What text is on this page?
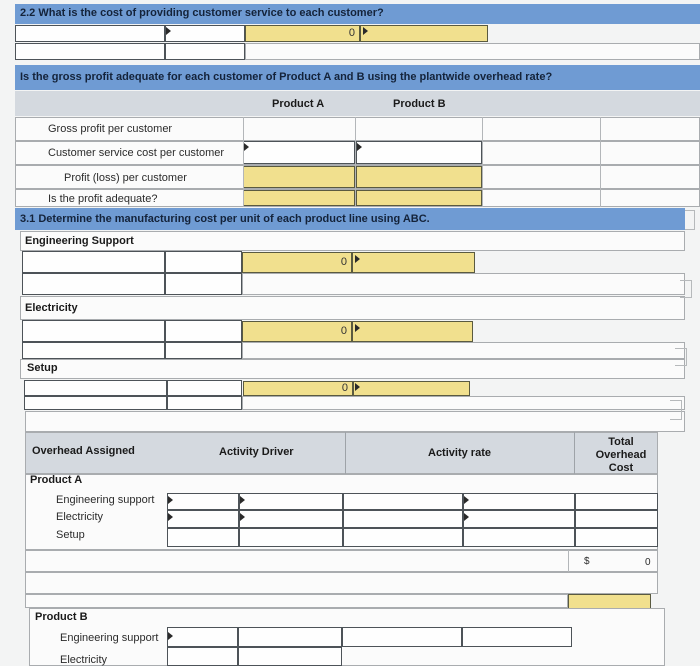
2.2 What is the cost of providing customer service to each customer?
0
Is the gross profit adequate for each customer of Product A and B using the plantwide overhead rate?
Product A	Product B
Gross profit per customer
Customer service cost per customer
Profit (loss) per customer
Is the profit adequate?
3.1 Determine the manufacturing cost per unit of each product line using ABC.
Engineering Support
0
Electricity
0
Setup
0
Overhead Assigned	Activity Driver	Activity rate
Total Overhead Cost
Product A
Engineering support
Electricity
Setup
$	0
Product B
Engineering support
Electricity
